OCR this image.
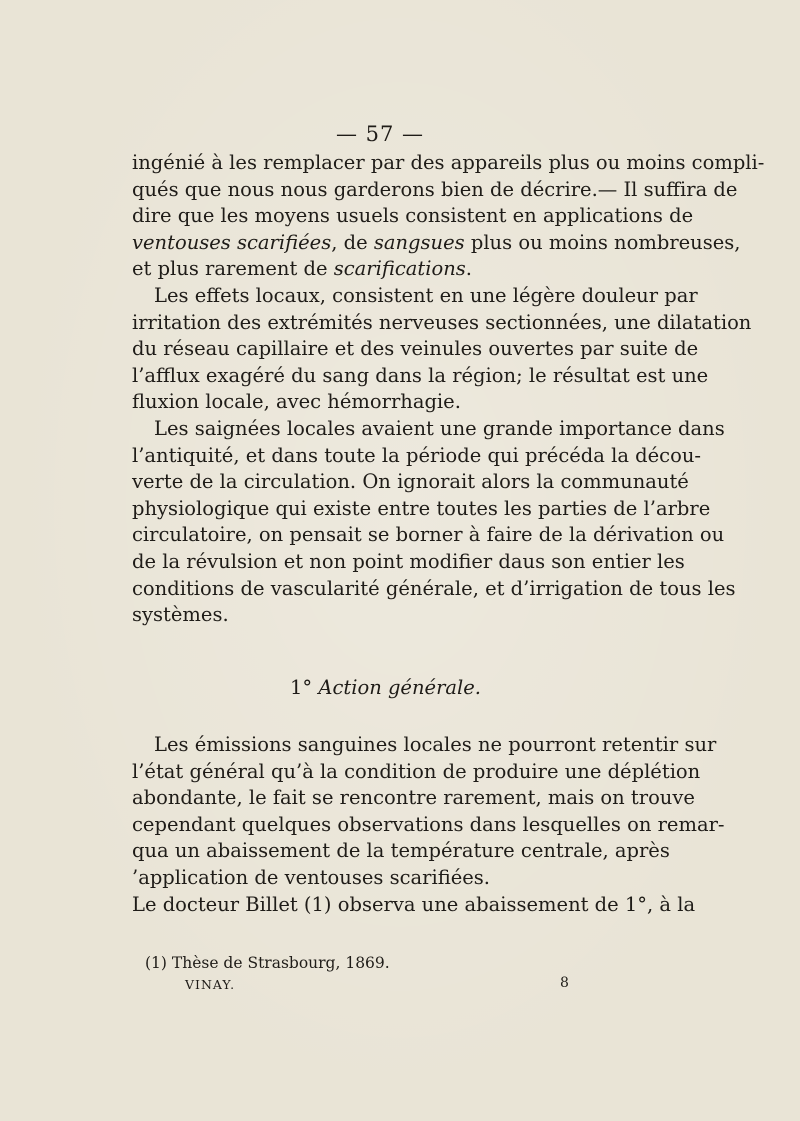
— 57 —
ingénié à les remplacer par des appareils plus ou moins compli-
qués que nous nous garderons bien de décrire.— Il suffira de
dire que les moyens usuels consistent en applications de
ventouses scarifiées, de sangsues plus ou moins nombreuses,
et plus rarement de scarifications.
Les effets locaux, consistent en une légère douleur par
irritation des extrémités nerveuses sectionnées, une dilatation
du réseau capillaire et des veinules ouvertes par suite de
l’afflux exagéré du sang dans la région; le résultat est une
fluxion locale, avec hémorrhagie.
Les saignées locales avaient une grande importance dans
l’antiquité, et dans toute la période qui précéda la décou-
verte de la circulation. On ignorait alors la communauté
physiologique qui existe entre toutes les parties de l’arbre
circulatoire, on pensait se borner à faire de la dérivation ou
de la révulsion et non point modifier daus son entier les
conditions de vascularité générale, et d’irrigation de tous les
systèmes.
1° Action générale.
Les émissions sanguines locales ne pourront retentir sur
l’état général qu’à la condition de produire une déplétion
abondante, le fait se rencontre rarement, mais on trouve
cependant quelques observations dans lesquelles on remar-
qua un abaissement de la température centrale, après
’application de ventouses scarifiées.
Le docteur Billet (1) observa une abaissement de 1°, à la
(1) Thèse de Strasbourg, 1869.
VINAY.	8
